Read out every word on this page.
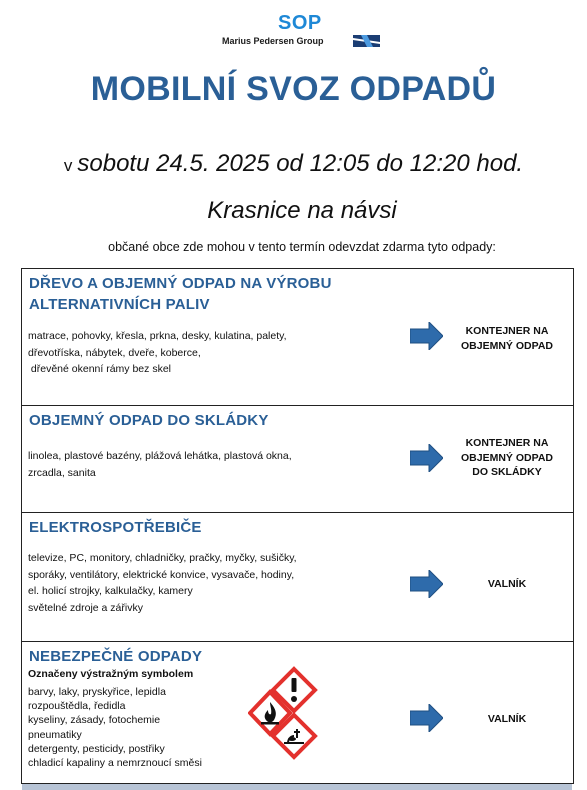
SOP
Marius Pedersen Group
MOBILNÍ SVOZ ODPADŮ
v sobotu 24.5. 2025 od 12:05 do 12:20 hod.
Krasnice na návsi
občané obce zde mohou v tento termín odevzdat zdarma tyto odpady:
DŘEVO A OBJEMNÝ ODPAD NA VÝROBU
ALTERNATIVNÍCH PALIV
matrace, pohovky, křesla, prkna, desky, kulatina, palety,
dřevotříska, nábytek, dveře, koberce,
dřevěné okenní rámy bez skel
KONTEJNER NA
OBJEMNÝ ODPAD
OBJEMNÝ ODPAD DO SKLÁDKY
linolea, plastové bazény, plážová lehátka, plastová okna,
zrcadla, sanita
KONTEJNER NA
OBJEMNÝ ODPAD
DO SKLÁDKY
ELEKTROSPOTŘEBIČE
televize, PC, monitory, chladničky, pračky, myčky, sušičky,
sporáky, ventilátory, elektrické konvice, vysavače, hodiny,
el. holicí strojky, kalkulačky, kamery
světelné zdroje a zářivky
VALNÍK
NEBEZPEČNÉ ODPADY
Označeny výstražným symbolem
barvy, laky, pryskyřice, lepidla
rozpouštědla, ředidla
kyseliny, zásady, fotochemie
pneumatiky
detergenty, pesticidy, postřiky
chladicí kapaliny a nemrznoucí směsi
VALNÍK
